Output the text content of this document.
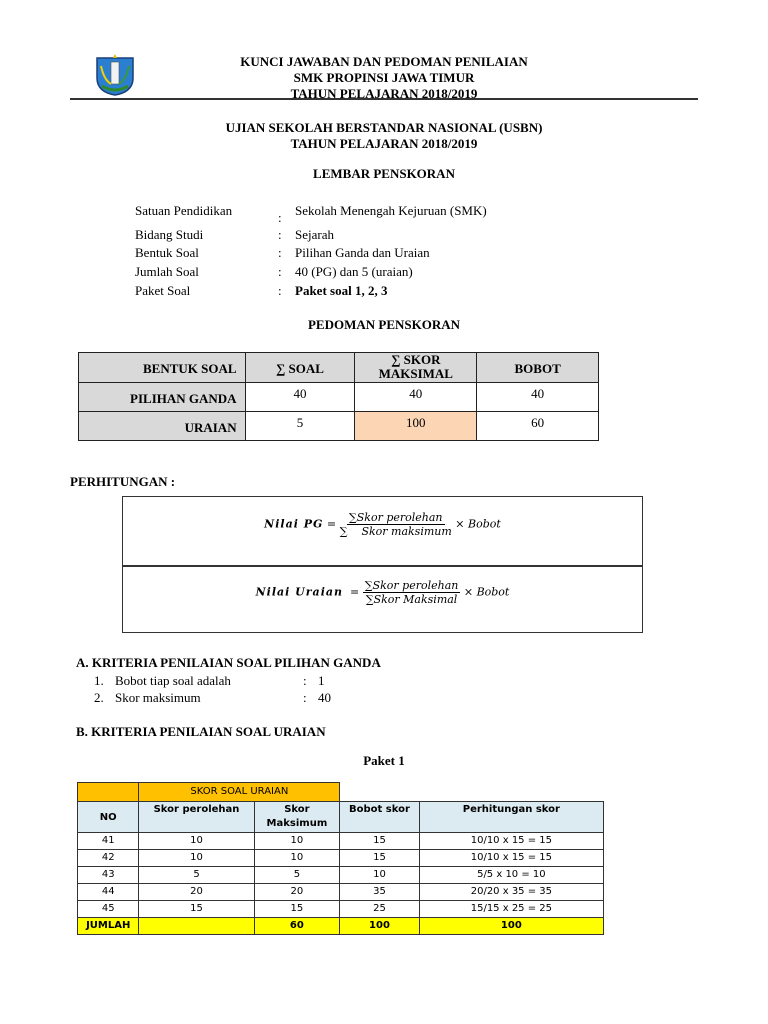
KUNCI JAWABAN DAN PEDOMAN PENILAIAN
SMK PROPINSI JAWA TIMUR
TAHUN PELAJARAN 2018/2019
UJIAN SEKOLAH BERSTANDAR NASIONAL (USBN)
TAHUN PELAJARAN 2018/2019
LEMBAR PENSKORAN
Satuan Pendidikan	: Sekolah Menengah Kejuruan (SMK)
Bidang Studi	: Sejarah
Bentuk Soal	: Pilihan Ganda dan Uraian
Jumlah Soal	: 40 (PG) dan 5 (uraian)
Paket Soal	: Paket soal 1, 2, 3
PEDOMAN PENSKORAN
BENTUK SOAL	∑ SOAL	∑ SKOR MAKSIMAL	BOBOT
PILIHAN GANDA	40	40	40
URAIAN	5	100	60
PERHITUNGAN :
Nilai PG = $\frac{\text{∑Skor perolehan}}{\text{∑    Skor maksimum}}$ × Bobot
Nilai Uraian = $\frac{\text{∑Skor perolehan}}{\text{∑Skor Maksimal}}$ × Bobot
A. KRITERIA PENILAIAN SOAL PILIHAN GANDA
1. Bobot tiap soal adalah	: 1
2. Skor maksimum	: 40
B. KRITERIA PENILAIAN SOAL URAIAN
Paket 1
	SKOR SOAL URAIAN			
NO	Skor perolehan	Skor Maksimum	Bobot skor	Perhitungan skor
41	10	10	15	10/10 x 15 = 15
42	10	10	15	10/10 x 15 = 15
43	5	5	10	5/5 x 10 = 10
44	20	20	35	20/20 x 35 = 35
45	15	15	25	15/15 x 25 = 25
JUMLAH		60	100	100
